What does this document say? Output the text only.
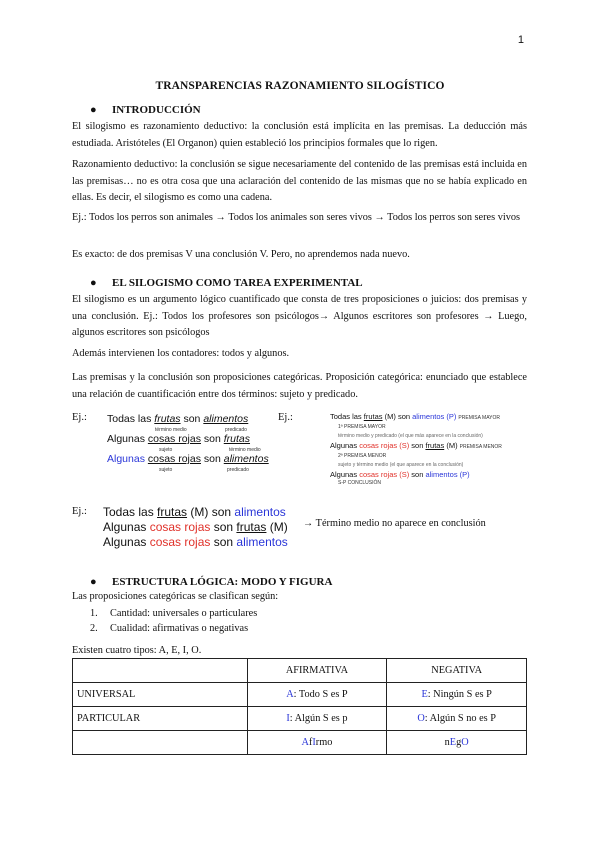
1
TRANSPARENCIAS RAZONAMIENTO SILOGÍSTICO
● INTRODUCCIÓN

El silogismo es razonamiento deductivo: la conclusión está implícita en las premisas. La deducción más estudiada. Aristóteles (El Organon) quien estableció los principios formales que lo rigen.

Razonamiento deductivo: la conclusión se sigue necesariamente del contenido de las premisas está incluida en las premisas… no es otra cosa que una aclaración del contenido de las mismas que no se había explicado en ellas. Es decir, el silogismo es como una cadena.

Ej.: Todos los perros son animales → Todos los animales son seres vivos → Todos los perros son seres vivos

Es exacto: de dos premisas V una conclusión V. Pero, no aprendemos nada nuevo.

● EL SILOGISMO COMO TAREA EXPERIMENTAL

El silogismo es un argumento lógico cuantificado que consta de tres proposiciones o juicios: dos premisas y una conclusión. Ej.: Todos los profesores son psicólogos→ Algunos escritores son profesores → Luego, algunos escritores son psicólogos

Además intervienen los contadores: todos y algunos.

Las premisas y la conclusión son proposiciones categóricas. Proposición categórica: enunciado que establece una relación de cuantificación entre dos términos: sujeto y predicado.

Ej.: Todas las frutas son alimentos
término medio	predicado
Algunas cosas rojas son frutas
sujeto	término medio
Algunas cosas rojas son alimentos
sujeto	predicado
Ej.:	Todas las frutas (M) son alimentos (P) PREMISA MAYOR
1ª PREMISA MAYOR
término medio y predicado (el que más aparece en la conclusión)
Algunas cosas rojas (S) son frutas (M) PREMISA MENOR
2ª PREMISA MENOR
sujeto y término medio (el que aparece en la conclusión)
Algunas cosas rojas (S) son alimentos (P)
S-P CONCLUSIÓN
Ej.: Todas las frutas (M) son alimentos
Algunas cosas rojas son frutas (M)
Algunas cosas rojas son alimentos
→ Término medio no aparece en conclusión
● ESTRUCTURA LÓGICA: MODO Y FIGURA
Las proposiciones categóricas se clasifican según:
1. Cantidad: universales o particulares
2. Cualidad: afirmativas o negativas
Existen cuatro tipos: A, E, I, O.
	AFIRMATIVA	NEGATIVA
UNIVERSAL	A: Todo S es P	E: Ningún S es P
PARTICULAR	I: Algún S es p	O: Algún S no es P
	AfIrmo	nEgO
